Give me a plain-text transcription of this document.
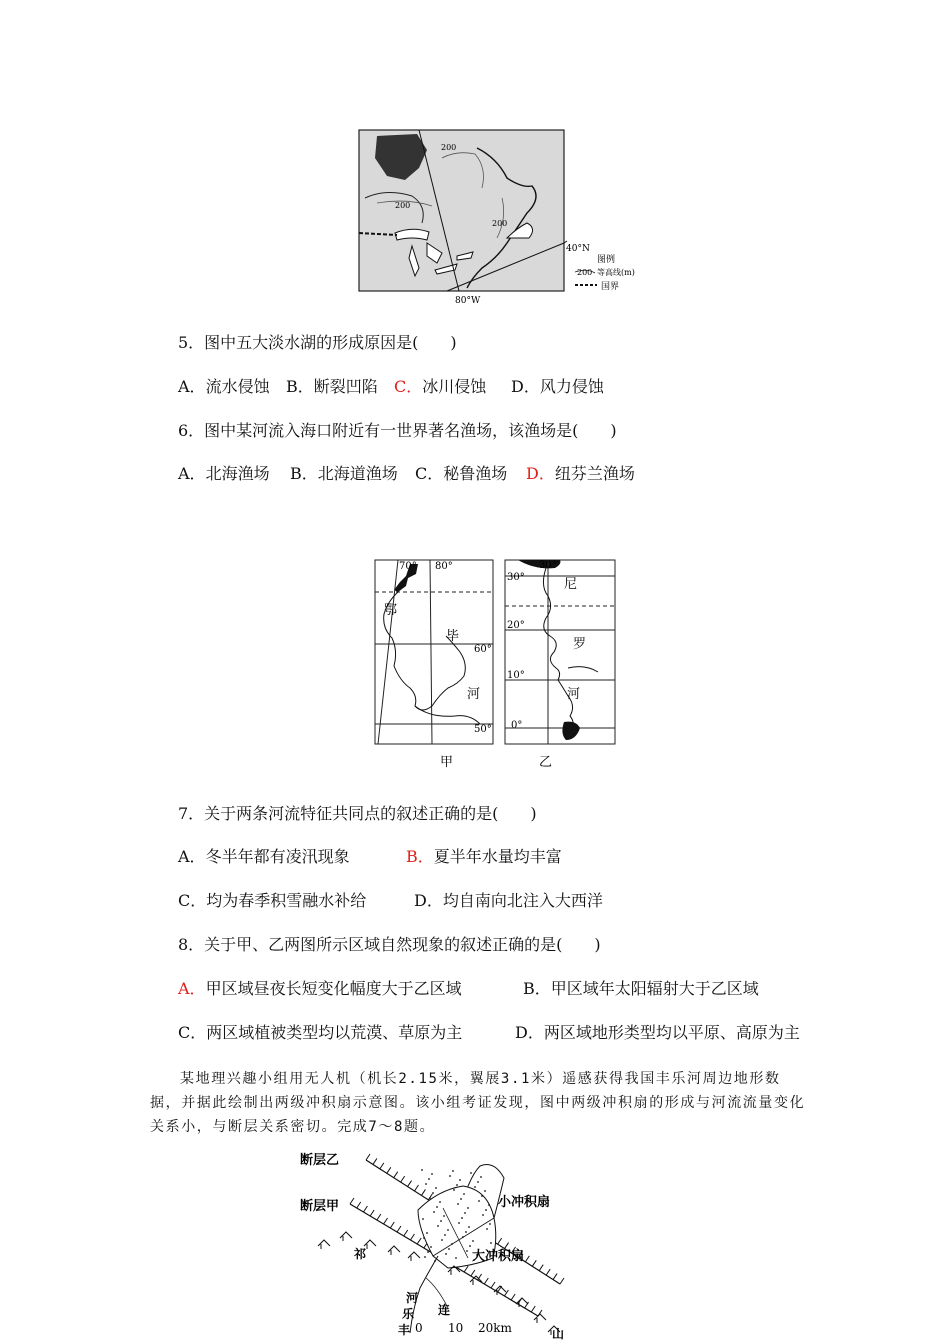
200
200
200
40°N
80°W
图例
200 等高线(m)
国界
5．图中五大淡水湖的形成原因是(　　)
A．流水侵蚀 B．断裂凹陷 C．冰川侵蚀 D．风力侵蚀
6．图中某河流入海口附近有一世界著名渔场，该渔场是(　　)
A．北海渔场 B．北海道渔场 C．秘鲁渔场 D．纽芬兰渔场
70° 80°
60°
50°
鄂
毕
河
甲
30°
30°
20°
10°
0°
尼
罗
河
乙
7．关于两条河流特征共同点的叙述正确的是(　　)
A．冬半年都有凌汛现象	B．夏半年水量均丰富
C．均为春季积雪融水补给	D．均自南向北注入大西洋
8．关于甲、乙两图所示区域自然现象的叙述正确的是(　　)
A．甲区域昼夜长短变化幅度大于乙区域	B．甲区域年太阳辐射大于乙区域
C．两区域植被类型均以荒漠、草原为主	D．两区域地形类型均以平原、高原为主
某地理兴趣小组用无人机（机长2.15米，翼展3.1米）遥感获得我国丰乐河周边地形数据，并据此绘制出两级冲积扇示意图。该小组考证发现，图中两级冲积扇的形成与河流流量变化关系小，与断层关系密切。完成7～8题。
断层乙
断层甲	小冲积扇
大冲积扇
祁
丰
乐
河
连
山
0 10 20km
